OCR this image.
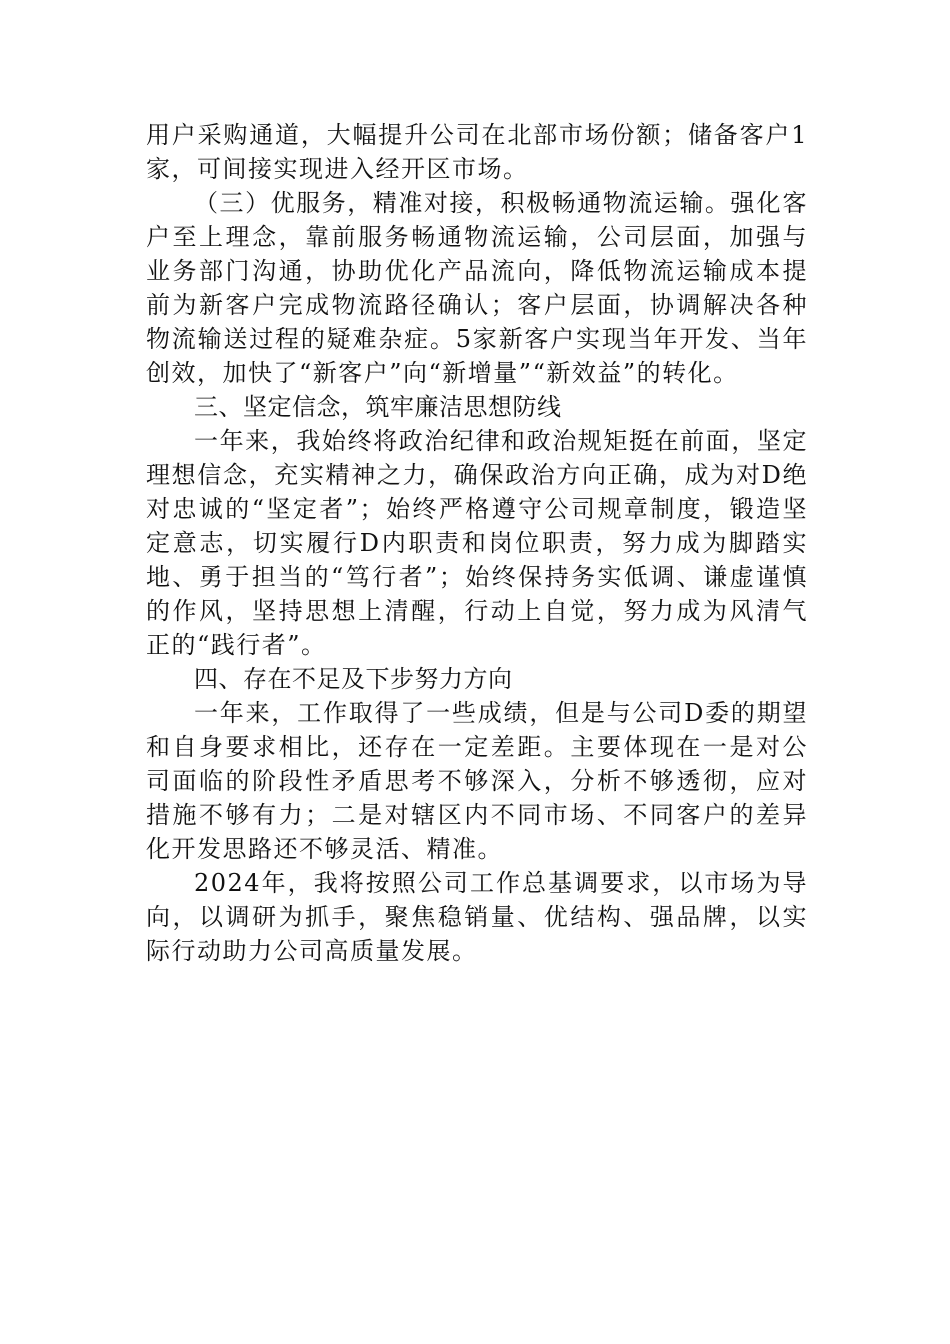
用户采购通道，大幅提升公司在北部市场份额；储备客户1家，可间接实现进入经开区市场。

（三）优服务，精准对接，积极畅通物流运输。强化客户至上理念，靠前服务畅通物流运输，公司层面，加强与业务部门沟通，协助优化产品流向，降低物流运输成本提前为新客户完成物流路径确认；客户层面，协调解决各种物流输送过程的疑难杂症。5家新客户实现当年开发、当年创效，加快了“新客户”向“新增量”“新效益”的转化。

三、坚定信念，筑牢廉洁思想防线

一年来，我始终将政治纪律和政治规矩挺在前面，坚定理想信念，充实精神之力，确保政治方向正确，成为对D绝对忠诚的“坚定者”；始终严格遵守公司规章制度，锻造坚定意志，切实履行D内职责和岗位职责，努力成为脚踏实地、勇于担当的“笃行者”；始终保持务实低调、谦虚谨慎的作风，坚持思想上清醒，行动上自觉，努力成为风清气正的“践行者”。

四、存在不足及下步努力方向

一年来，工作取得了一些成绩，但是与公司D委的期望和自身要求相比，还存在一定差距。主要体现在一是对公司面临的阶段性矛盾思考不够深入，分析不够透彻，应对措施不够有力；二是对辖区内不同市场、不同客户的差异化开发思路还不够灵活、精准。

2024年，我将按照公司工作总基调要求，以市场为导向，以调研为抓手，聚焦稳销量、优结构、强品牌，以实际行动助力公司高质量发展。
